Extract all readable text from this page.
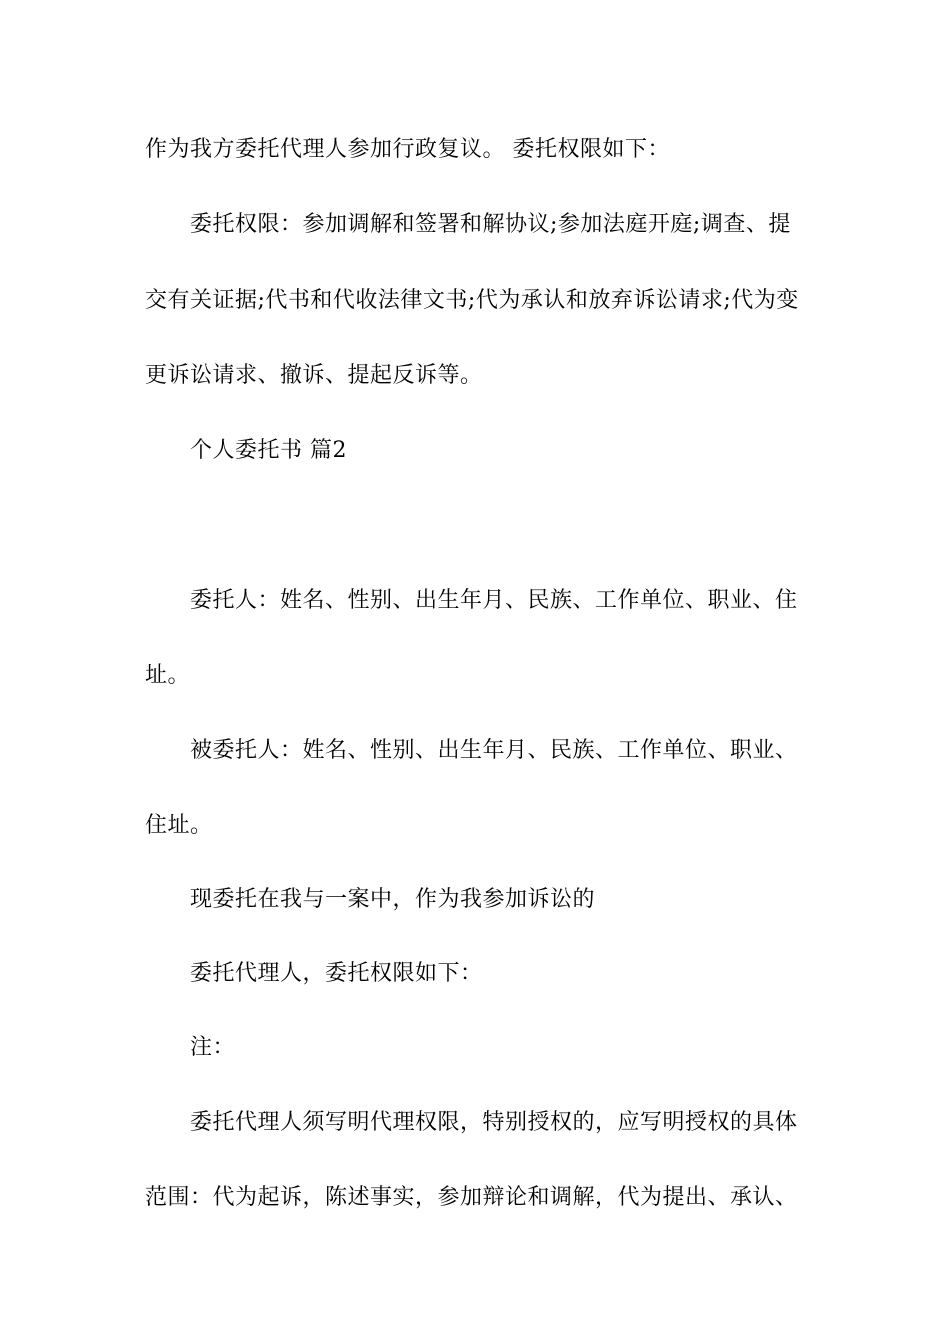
作为我方委托代理人参加行政复议。 委托权限如下：
委托权限：参加调解和签署和解协议;参加法庭开庭;调查、提
交有关证据;代书和代收法律文书;代为承认和放弃诉讼请求;代为变
更诉讼请求、撤诉、提起反诉等。
个人委托书 篇2
委托人：姓名、性别、出生年月、民族、工作单位、职业、住
址。
被委托人：姓名、性别、出生年月、民族、工作单位、职业、
住址。
现委托在我与一案中，作为我参加诉讼的
委托代理人，委托权限如下：
注：
委托代理人须写明代理权限，特别授权的，应写明授权的具体
范围：代为起诉，陈述事实，参加辩论和调解，代为提出、承认、
